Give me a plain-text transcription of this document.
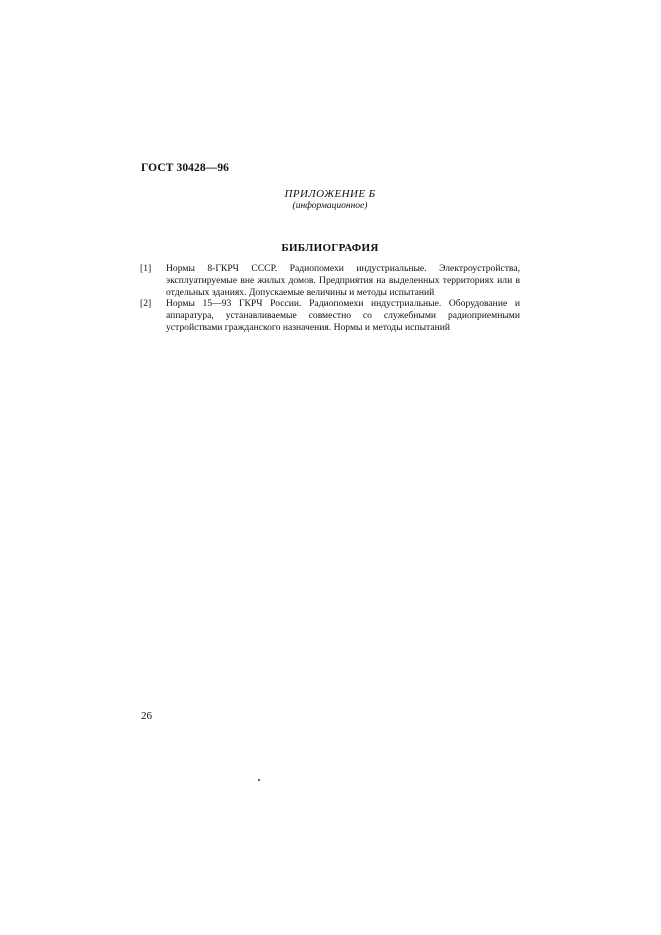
ГОСТ 30428—96
ПРИЛОЖЕНИЕ Б
(информационное)
БИБЛИОГРАФИЯ
[1]	Нормы 8-ГКРЧ СССР. Радиопомехи индустриальные. Электроустройства, эксплуатируемые вне жилых домов. Предприятия на выделенных территориях или в отдельных зданиях. Допускаемые величины и методы испытаний
[2]	Нормы 15—93 ГКРЧ России. Радиопомехи индустриальные. Оборудование и аппаратура, устанавливаемые совместно со служебными радиоприемными устройствами гражданского назначения. Нормы и методы испытаний
26
